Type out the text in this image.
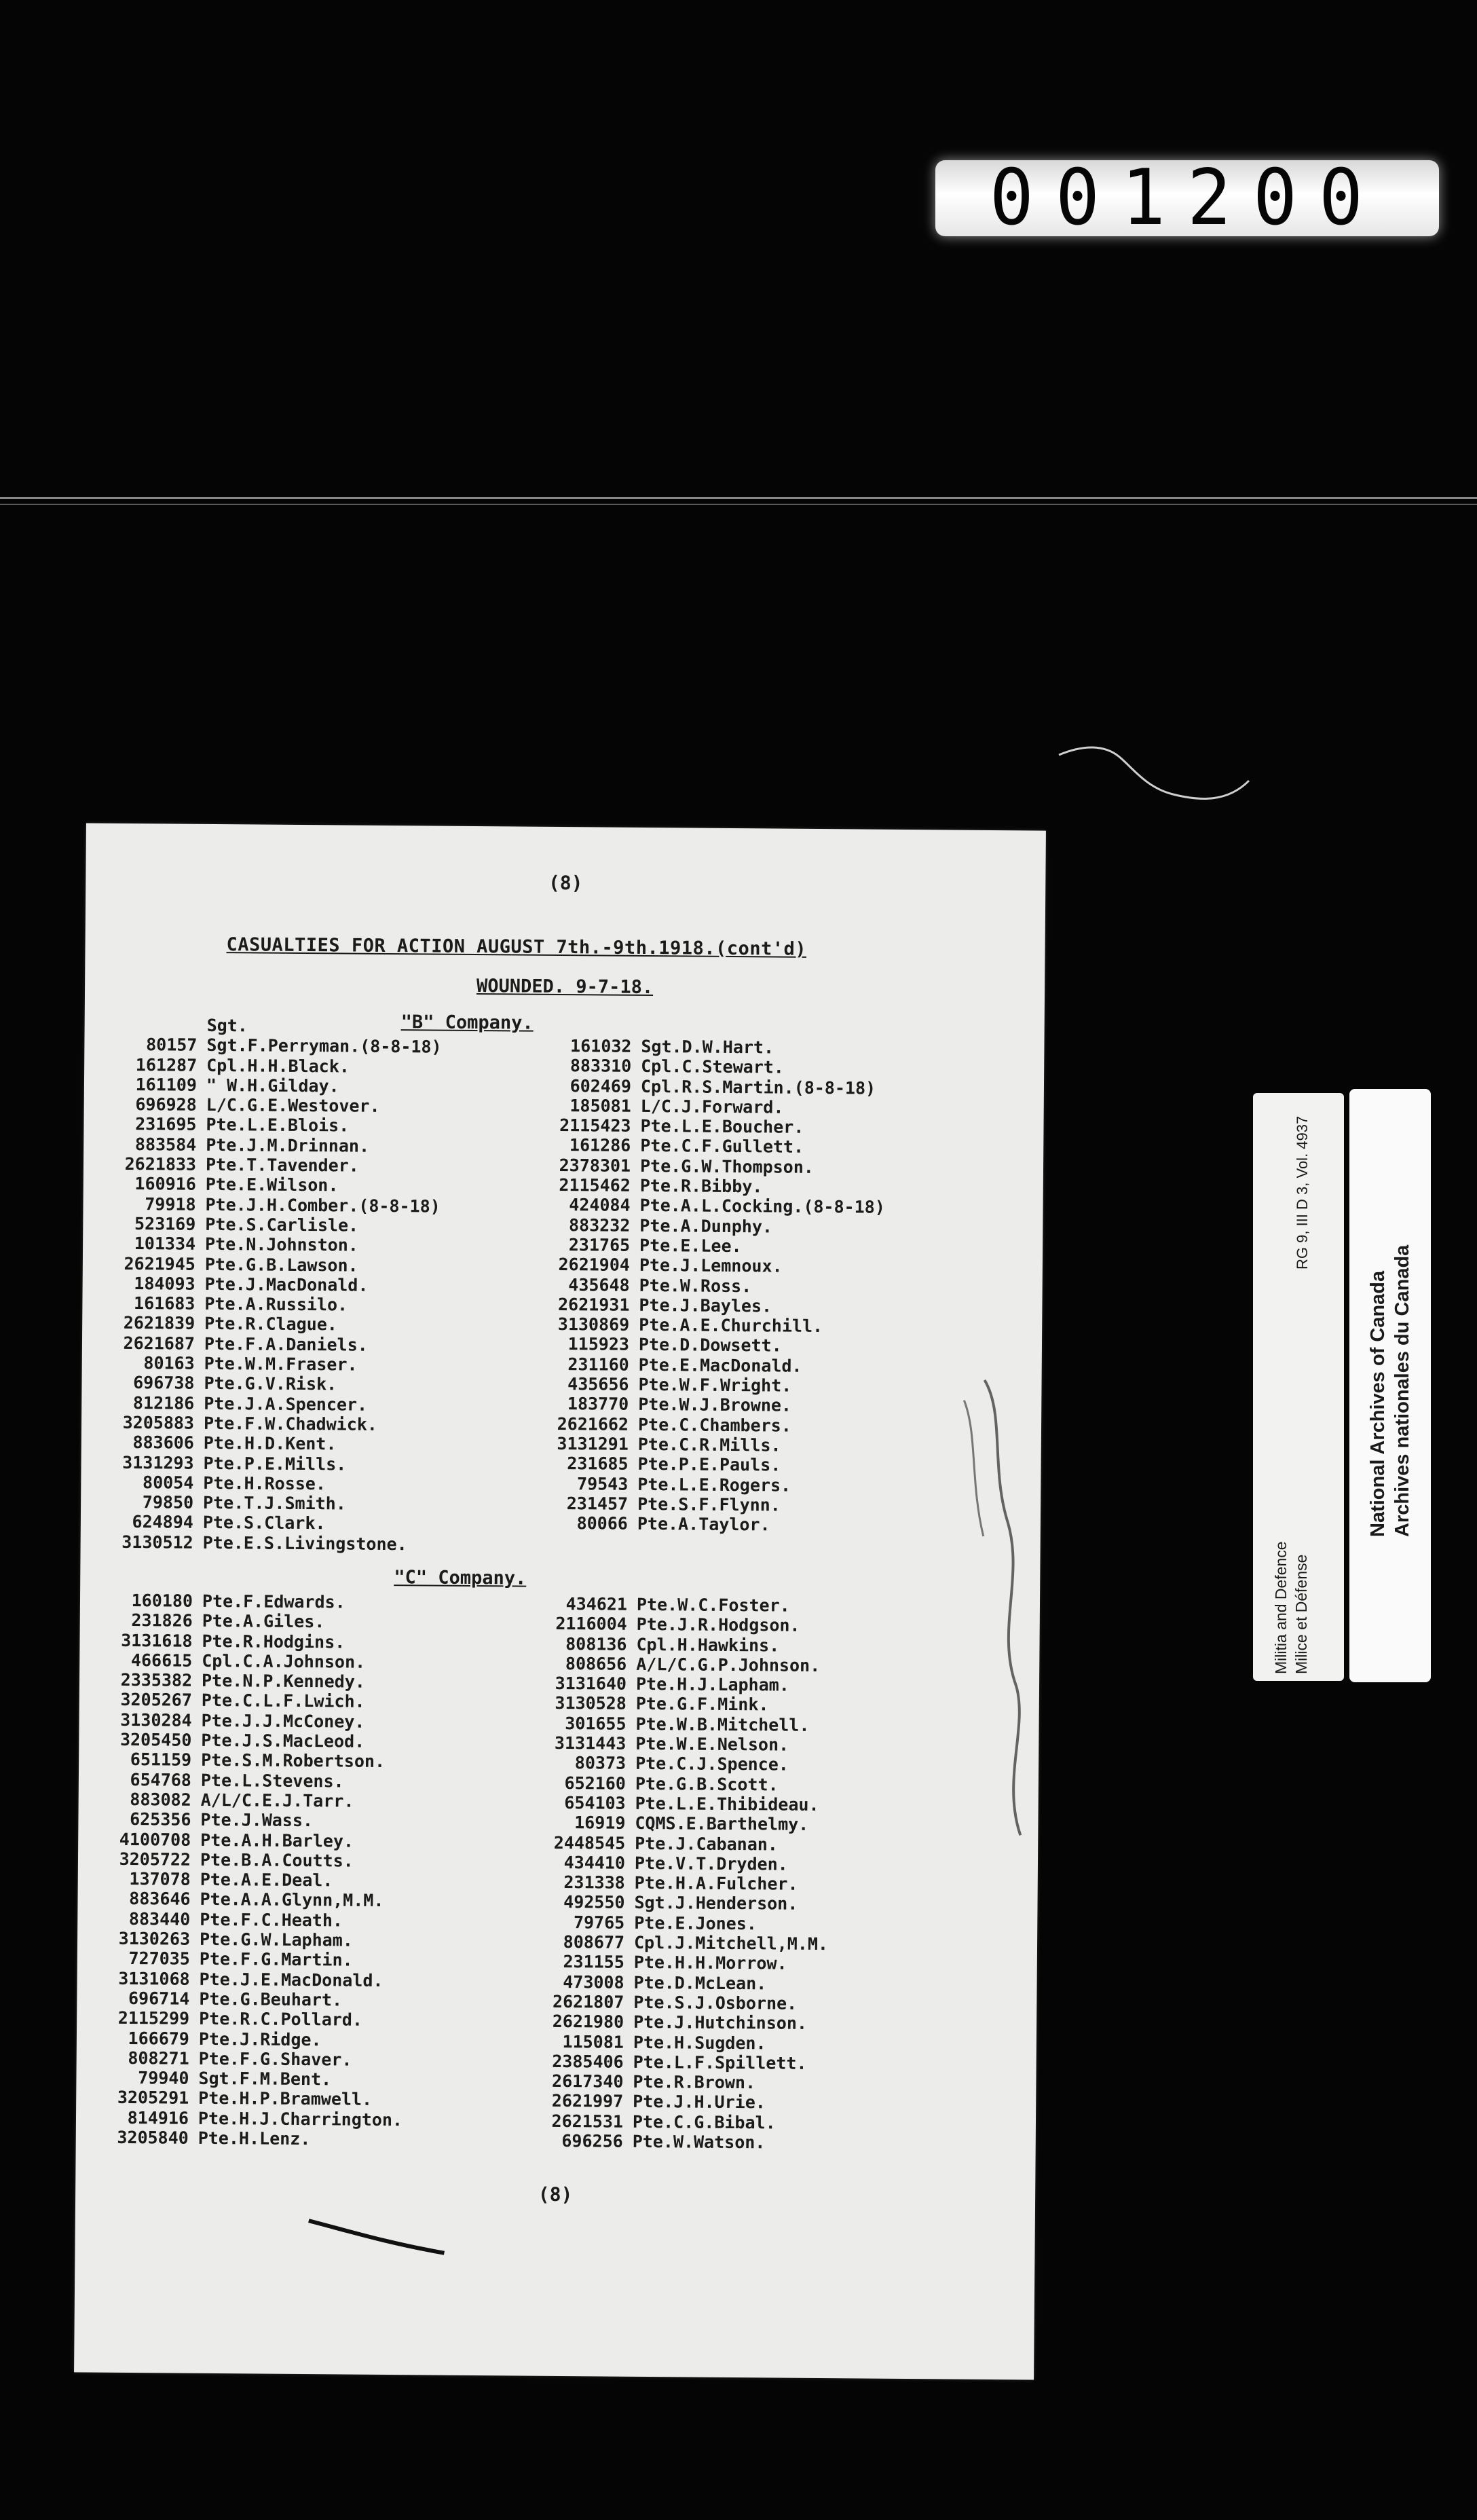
001200
RG 9, III D 3, Vol. 4937
Militia and Defence Milice et Défense
National Archives of Canada Archives nationales du Canada
(8)
CASUALTIES FOR ACTION AUGUST 7th.-9th.1918.(cont'd)
WOUNDED. 9-7-18.
"B" Company.
Sgt.
80157 Sgt.F.Perryman.(8-8-18)
161287 Cpl.H.H.Black.
161109 " W.H.Gilday.
696928 L/C.G.E.Westover.
231695 Pte.L.E.Blois.
883584 Pte.J.M.Drinnan.
2621833 Pte.T.Tavender.
160916 Pte.E.Wilson.
79918 Pte.J.H.Comber.(8-8-18)
523169 Pte.S.Carlisle.
101334 Pte.N.Johnston.
2621945 Pte.G.B.Lawson.
184093 Pte.J.MacDonald.
161683 Pte.A.Russilo.
2621839 Pte.R.Clague.
2621687 Pte.F.A.Daniels.
80163 Pte.W.M.Fraser.
696738 Pte.G.V.Risk.
812186 Pte.J.A.Spencer.
3205883 Pte.F.W.Chadwick.
883606 Pte.H.D.Kent.
3131293 Pte.P.E.Mills.
80054 Pte.H.Rosse.
79850 Pte.T.J.Smith.
624894 Pte.S.Clark.
3130512 Pte.E.S.Livingstone.
161032 Sgt.D.W.Hart.
883310 Cpl.C.Stewart.
602469 Cpl.R.S.Martin.(8-8-18)
185081 L/C.J.Forward.
2115423 Pte.L.E.Boucher.
161286 Pte.C.F.Gullett.
2378301 Pte.G.W.Thompson.
2115462 Pte.R.Bibby.
424084 Pte.A.L.Cocking.(8-8-18)
883232 Pte.A.Dunphy.
231765 Pte.E.Lee.
2621904 Pte.J.Lemnoux.
435648 Pte.W.Ross.
2621931 Pte.J.Bayles.
3130869 Pte.A.E.Churchill.
115923 Pte.D.Dowsett.
231160 Pte.E.MacDonald.
435656 Pte.W.F.Wright.
183770 Pte.W.J.Browne.
2621662 Pte.C.Chambers.
3131291 Pte.C.R.Mills.
231685 Pte.P.E.Pauls.
79543 Pte.L.E.Rogers.
231457 Pte.S.F.Flynn.
80066 Pte.A.Taylor.
"C" Company.
160180 Pte.F.Edwards.
231826 Pte.A.Giles.
3131618 Pte.R.Hodgins.
466615 Cpl.C.A.Johnson.
2335382 Pte.N.P.Kennedy.
3205267 Pte.C.L.F.Lwich.
3130284 Pte.J.J.McConey.
3205450 Pte.J.S.MacLeod.
651159 Pte.S.M.Robertson.
654768 Pte.L.Stevens.
883082 A/L/C.E.J.Tarr.
625356 Pte.J.Wass.
4100708 Pte.A.H.Barley.
3205722 Pte.B.A.Coutts.
137078 Pte.A.E.Deal.
883646 Pte.A.A.Glynn,M.M.
883440 Pte.F.C.Heath.
3130263 Pte.G.W.Lapham.
727035 Pte.F.G.Martin.
3131068 Pte.J.E.MacDonald.
696714 Pte.G.Beuhart.
2115299 Pte.R.C.Pollard.
166679 Pte.J.Ridge.
808271 Pte.F.G.Shaver.
79940 Sgt.F.M.Bent.
3205291 Pte.H.P.Bramwell.
814916 Pte.H.J.Charrington.
3205840 Pte.H.Lenz.
434621 Pte.W.C.Foster.
2116004 Pte.J.R.Hodgson.
808136 Cpl.H.Hawkins.
808656 A/L/C.G.P.Johnson.
3131640 Pte.H.J.Lapham.
3130528 Pte.G.F.Mink.
301655 Pte.W.B.Mitchell.
3131443 Pte.W.E.Nelson.
80373 Pte.C.J.Spence.
652160 Pte.G.B.Scott.
654103 Pte.L.E.Thibideau.
16919 CQMS.E.Barthelmy.
2448545 Pte.J.Cabanan.
434410 Pte.V.T.Dryden.
231338 Pte.H.A.Fulcher.
492550 Sgt.J.Henderson.
79765 Pte.E.Jones.
808677 Cpl.J.Mitchell,M.M.
231155 Pte.H.H.Morrow.
473008 Pte.D.McLean.
2621807 Pte.S.J.Osborne.
2621980 Pte.J.Hutchinson.
115081 Pte.H.Sugden.
2385406 Pte.L.F.Spillett.
2617340 Pte.R.Brown.
2621997 Pte.J.H.Urie.
2621531 Pte.C.G.Bibal.
696256 Pte.W.Watson.
(8)
